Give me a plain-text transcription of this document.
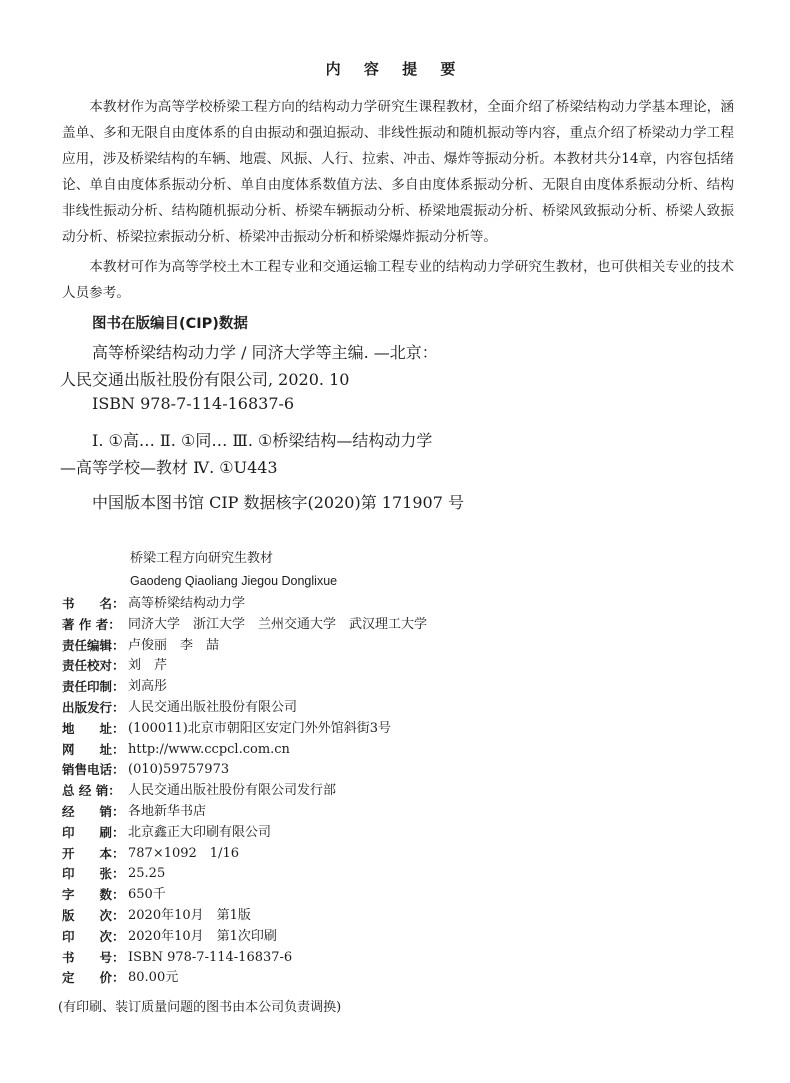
内 容 提 要

本教材作为高等学校桥梁工程方向的结构动力学研究生课程教材，全面介绍了桥梁结构动力学基本理论，涵盖单、多和无限自由度体系的自由振动和强迫振动、非线性振动和随机振动等内容，重点介绍了桥梁动力学工程应用，涉及桥梁结构的车辆、地震、风振、人行、拉索、冲击、爆炸等振动分析。本教材共分14章，内容包括绪论、单自由度体系振动分析、单自由度体系数值方法、多自由度体系振动分析、无限自由度体系振动分析、结构非线性振动分析、结构随机振动分析、桥梁车辆振动分析、桥梁地震振动分析、桥梁风致振动分析、桥梁人致振动分析、桥梁拉索振动分析、桥梁冲击振动分析和桥梁爆炸振动分析等。

本教材可作为高等学校土木工程专业和交通运输工程专业的结构动力学研究生教材，也可供相关专业的技术人员参考。

图书在版编目(CIP)数据
高等桥梁结构动力学 / 同济大学等主编. —北京：
人民交通出版社股份有限公司, 2020. 10
ISBN 978-7-114-16837-6
Ⅰ. ①高… Ⅱ. ①同… Ⅲ. ①桥梁结构—结构动力学
—高等学校—教材 Ⅳ. ①U443
中国版本图书馆 CIP 数据核字(2020)第 171907 号
桥梁工程方向研究生教材
Gaodeng Qiaoliang Jiegou Donglixue
书　　名： 高等桥梁结构动力学
著 作 者： 同济大学　浙江大学　兰州交通大学　武汉理工大学
责任编辑： 卢俊丽　李　喆
责任校对： 刘　芹
责任印制： 刘高彤
出版发行： 人民交通出版社股份有限公司
地　　址： (100011)北京市朝阳区安定门外外馆斜街3号
网　　址： http://www.ccpcl.com.cn
销售电话： (010)59757973
总 经 销： 人民交通出版社股份有限公司发行部
经　　销： 各地新华书店
印　　刷： 北京鑫正大印刷有限公司
开　　本： 787×1092　1/16
印　　张： 25.25
字　　数： 650千
版　　次： 2020年10月　第1版
印　　次： 2020年10月　第1次印刷
书　　号： ISBN 978-7-114-16837-6
定　　价： 80.00元
(有印刷、装订质量问题的图书由本公司负责调换)
